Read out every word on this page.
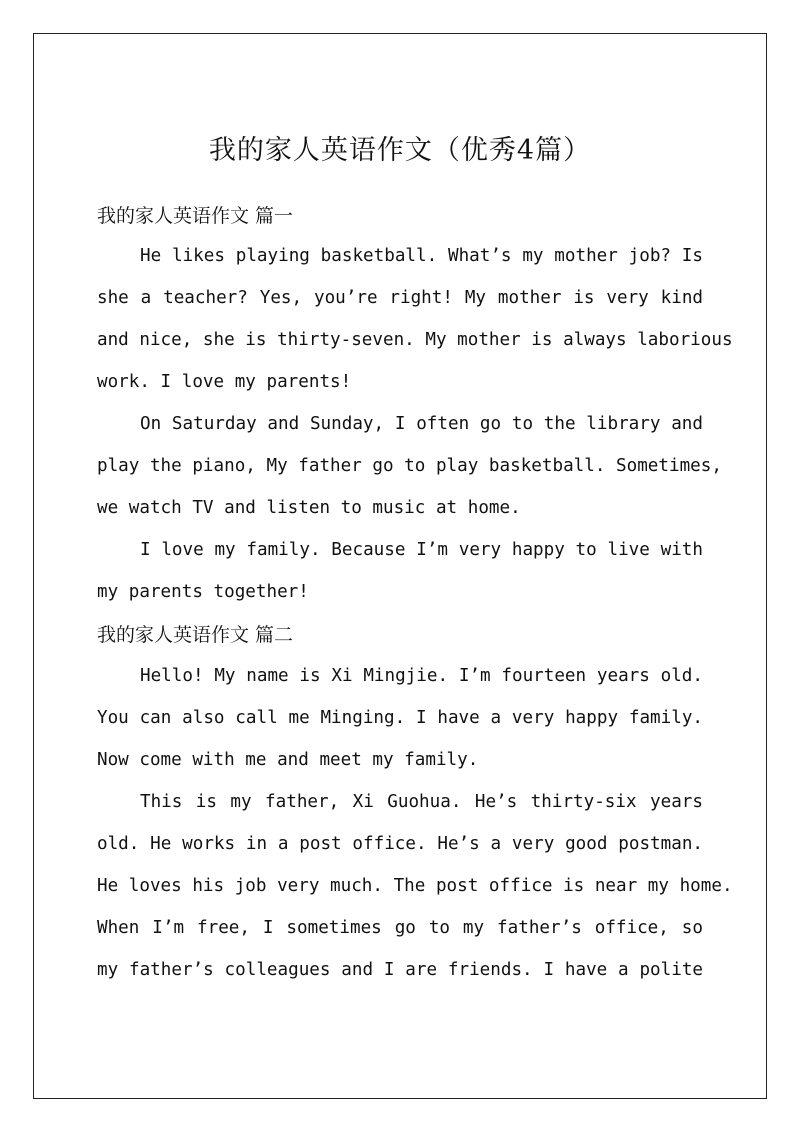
我的家人英语作文（优秀4篇）
我的家人英语作文 篇一
He likes playing basketball. What’s my mother job? Is
she a teacher? Yes, you’re right! My mother is very kind
and nice, she is thirty-seven. My mother is always laborious
work. I love my parents!
On Saturday and Sunday, I often go to the library and
play the piano, My father go to play basketball. Sometimes,
we watch TV and listen to music at home.
I love my family. Because I’m very happy to live with
my parents together!
我的家人英语作文 篇二
Hello! My name is Xi Mingjie. I’m fourteen years old.
You can also call me Minging. I have a very happy family.
Now come with me and meet my family.
This is my father, Xi Guohua. He’s thirty-six years
old. He works in a post office. He’s a very good postman.
He loves his job very much. The post office is near my home.
When I’m free, I sometimes go to my father’s office, so
my father’s colleagues and I are friends. I have a polite
